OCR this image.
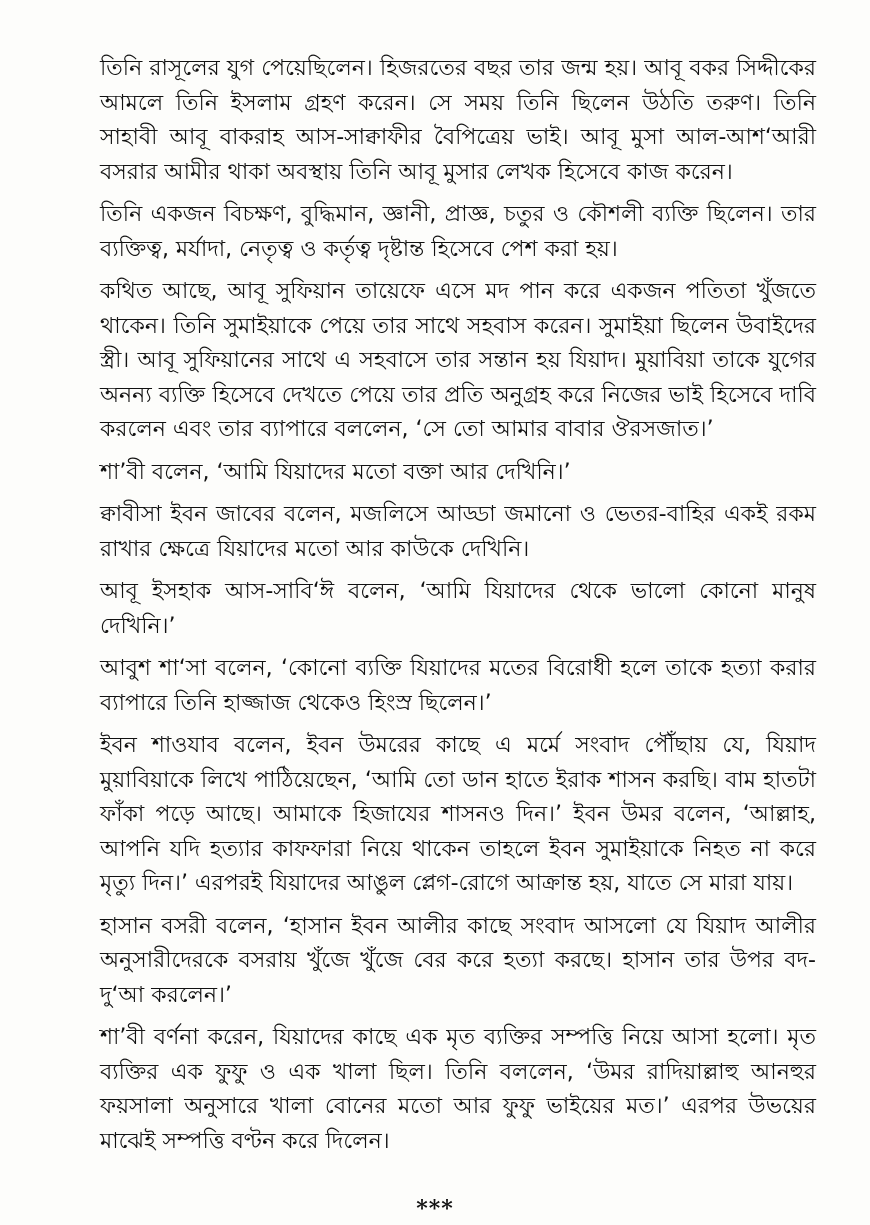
তিনি রাসূলের যুগ পেয়েছিলেন। হিজরতের বছর তার জন্ম হয়। আবূ বকর সিদ্দীকের আমলে তিনি ইসলাম গ্রহণ করেন। সে সময় তিনি ছিলেন উঠতি তরুণ। তিনি সাহাবী আবূ বাকরাহ আস-সাক্বাফীর বৈপিত্রেয় ভাই। আবূ মুসা আল-আশ‘আরী বসরার আমীর থাকা অবস্থায় তিনি আবূ মুসার লেখক হিসেবে কাজ করেন।

তিনি একজন বিচক্ষণ, বুদ্ধিমান, জ্ঞানী, প্রাজ্ঞ, চতুর ও কৌশলী ব্যক্তি ছিলেন। তার ব্যক্তিত্ব, মর্যাদা, নেতৃত্ব ও কর্তৃত্ব দৃষ্টান্ত হিসেবে পেশ করা হয়।

কথিত আছে, আবূ সুফিয়ান তায়েফে এসে মদ পান করে একজন পতিতা খুঁজতে থাকেন। তিনি সুমাইয়াকে পেয়ে তার সাথে সহবাস করেন। সুমাইয়া ছিলেন উবাইদের স্ত্রী। আবূ সুফিয়ানের সাথে এ সহবাসে তার সন্তান হয় যিয়াদ। মুয়াবিয়া তাকে যুগের অনন্য ব্যক্তি হিসেবে দেখতে পেয়ে তার প্রতি অনুগ্রহ করে নিজের ভাই হিসেবে দাবি করলেন এবং তার ব্যাপারে বললেন, ‘সে তো আমার বাবার ঔরসজাত।’

শা’বী বলেন, ‘আমি যিয়াদের মতো বক্তা আর দেখিনি।’

ক্বাবীসা ইবন জাবের বলেন, মজলিসে আড্ডা জমানো ও ভেতর-বাহির একই রকম রাখার ক্ষেত্রে যিয়াদের মতো আর কাউকে দেখিনি।

আবূ ইসহাক আস-সাবি‘ঈ বলেন, ‘আমি যিয়াদের থেকে ভালো কোনো মানুষ দেখিনি।’

আবুশ শা‘সা বলেন, ‘কোনো ব্যক্তি যিয়াদের মতের বিরোধী হলে তাকে হত্যা করার ব্যাপারে তিনি হাজ্জাজ থেকেও হিংস্র ছিলেন।’

ইবন শাওযাব বলেন, ইবন উমরের কাছে এ মর্মে সংবাদ পৌঁছায় যে, যিয়াদ মুয়াবিয়াকে লিখে পাঠিয়েছেন, ‘আমি তো ডান হাতে ইরাক শাসন করছি। বাম হাতটা ফাঁকা পড়ে আছে। আমাকে হিজাযের শাসনও দিন।’ ইবন উমর বলেন, ‘আল্লাহ, আপনি যদি হত্যার কাফফারা নিয়ে থাকেন তাহলে ইবন সুমাইয়াকে নিহত না করে মৃত্যু দিন।’ এরপরই যিয়াদের আঙুল প্লেগ-রোগে আক্রান্ত হয়, যাতে সে মারা যায়।

হাসান বসরী বলেন, ‘হাসান ইবন আলীর কাছে সংবাদ আসলো যে যিয়াদ আলীর অনুসারীদেরকে বসরায় খুঁজে খুঁজে বের করে হত্যা করছে। হাসান তার উপর বদ-দু‘আ করলেন।’

শা’বী বর্ণনা করেন, যিয়াদের কাছে এক মৃত ব্যক্তির সম্পত্তি নিয়ে আসা হলো। মৃত ব্যক্তির এক ফুফু ও এক খালা ছিল। তিনি বললেন, ‘উমর রাদিয়াল্লাহু আনহুর ফয়সালা অনুসারে খালা বোনের মতো আর ফুফু ভাইয়ের মত।’ এরপর উভয়ের মাঝেই সম্পত্তি বণ্টন করে দিলেন।

***
